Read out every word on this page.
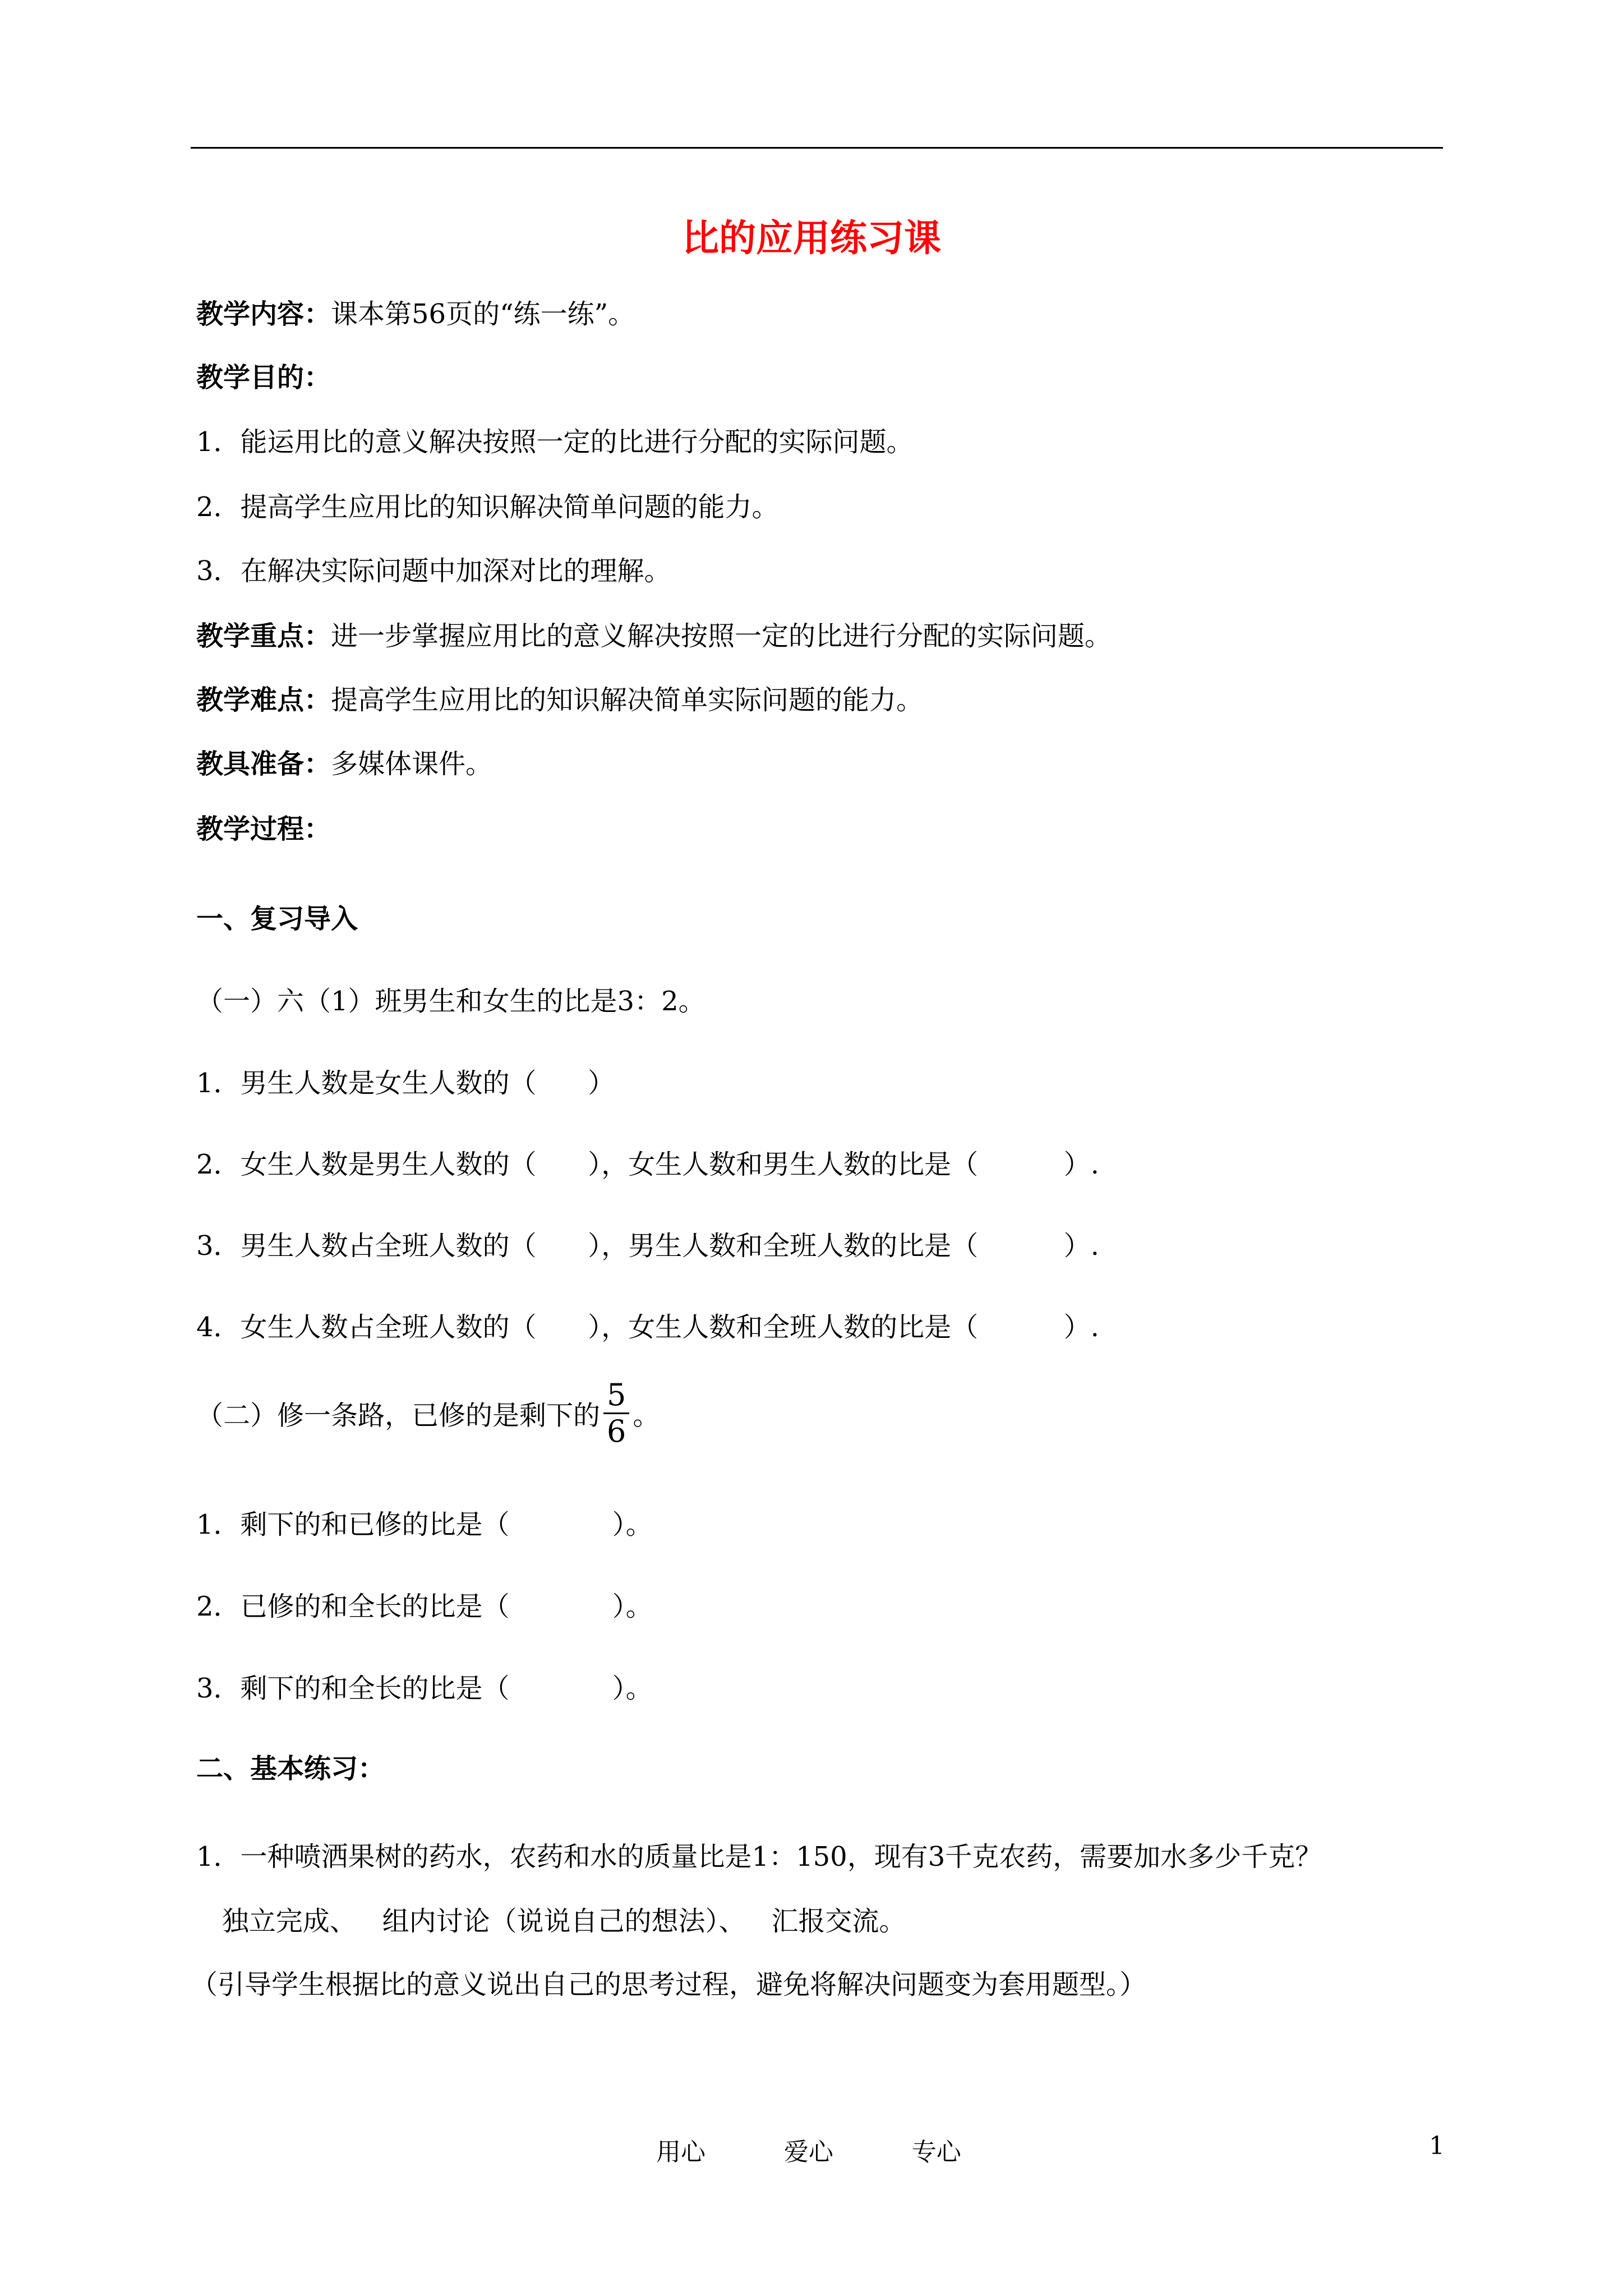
比的应用练习课
教学内容：课本第56页的“练一练”。
教学目的：
1．能运用比的意义解决按照一定的比进行分配的实际问题。
2．提高学生应用比的知识解决简单问题的能力。
3．在解决实际问题中加深对比的理解。
教学重点：进一步掌握应用比的意义解决按照一定的比进行分配的实际问题。
教学难点：提高学生应用比的知识解决简单实际问题的能力。
教具准备：多媒体课件。
教学过程：
一、复习导入
（一）六（1）班男生和女生的比是3：2。
1．男生人数是女生人数的（      ）
2．女生人数是男生人数的（      ），女生人数和男生人数的比是（          ）.
3．男生人数占全班人数的（      ），男生人数和全班人数的比是（          ）.
4．女生人数占全班人数的（      ），女生人数和全班人数的比是（          ）.
（二）修一条路，已修的是剩下的 $\frac{5}{6}$ 。
1．剩下的和已修的比是（            ）。
2．已修的和全长的比是（            ）。
3．剩下的和全长的比是（            ）。
二、基本练习：
1．一种喷洒果树的药水，农药和水的质量比是1：150，现有3千克农药，需要加水多少千克？
独立完成、   组内讨论（说说自己的想法）、   汇报交流。
（引导学生根据比的意义说出自己的思考过程，避免将解决问题变为套用题型。）
用心          爱心          专心	1
